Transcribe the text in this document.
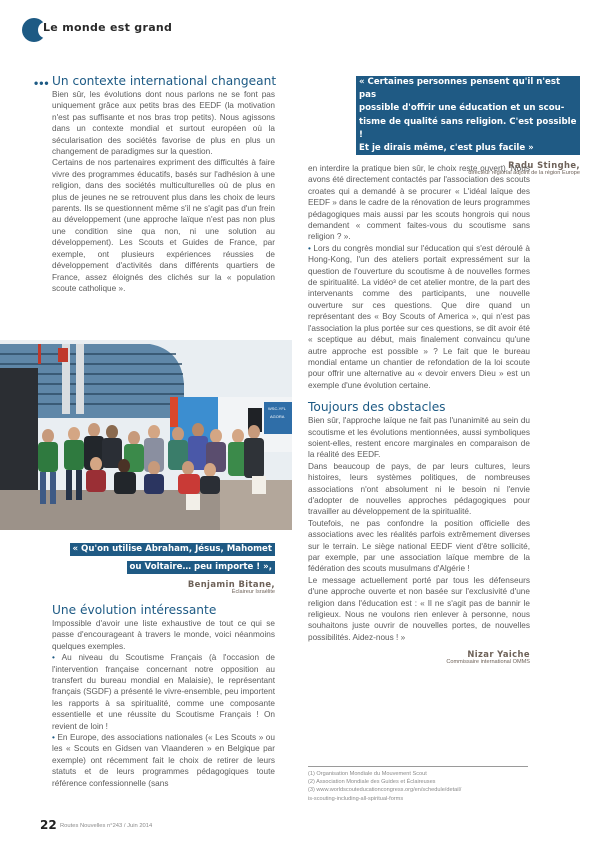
Le monde est grand
••• Un contexte international changeant

Bien sûr, les évolutions dont nous parlons ne se font pas uniquement grâce aux petits bras des EEDF (la motivation n'est pas suffisante et nos bras trop petits). Nous agissons dans un contexte mondial et surtout européen où la sécularisation des sociétés favorise de plus en plus un changement de paradigmes sur la question.

Certains de nos partenaires expriment des difficultés à faire vivre des programmes éducatifs, basés sur l'adhésion à une religion, dans des sociétés multiculturelles où de plus en plus de jeunes ne se retrouvent plus dans les choix de leurs parents. Ils se questionnent même s'il ne s'agit pas d'un frein au développement (une approche laïque n'est pas non plus une condition sine qua non, ni une solution au développement). Les Scouts et Guides de France, par exemple, ont plusieurs expériences réussies de développement d'activités dans différents quartiers de France, assez éloignés des clichés sur la « population scoute catholique ».

WSC-YFL
AGORA
« Qu'on utilise Abraham, Jésus, Mahomet
ou Voltaire… peu importe ! »,
Benjamin Bitane,
Éclaireur Israélite
Une évolution intéressante

Impossible d'avoir une liste exhaustive de tout ce qui se passe d'encourageant à travers le monde, voici néanmoins quelques exemples.

• Au niveau du Scoutisme Français (à l'occasion de l'intervention française concernant notre opposition au transfert du bureau mondial en Malaisie), le représentant français (SGDF) a présenté le vivre-ensemble, peu importent les rapports à sa spiritualité, comme une composante essentielle et une réussite du Scoutisme Français ! On revient de loin !

• En Europe, des associations nationales (« Les Scouts » ou les « Scouts en Gidsen van Vlaanderen » en Belgique par exemple) ont récemment fait le choix de retirer de leurs statuts et de leurs programmes pédagogiques toute référence confessionnelle (sans

« Certaines personnes pensent qu'il n'est pas
possible d'offrir une éducation et un scou-
tisme de qualité sans religion. C'est possible !
Et je dirais même, c'est plus facile »
Radu Stinghe,
directeur régional adjoint de la région Europe

en interdire la pratique bien sûr, le choix reste ouvert). Nous avons été directement contactés par l'association des scouts croates qui a demandé à se procurer « L'idéal laïque des EEDF » dans le cadre de la rénovation de leurs programmes pédagogiques mais aussi par les scouts hongrois qui nous demandent « comment faites-vous du scoutisme sans religion ? ».

• Lors du congrès mondial sur l'éducation qui s'est déroulé à Hong-Kong, l'un des ateliers portait expressément sur la question de l'ouverture du scoutisme à de nouvelles formes de spiritualité. La vidéo³ de cet atelier montre, de la part des intervenants comme des participants, une nouvelle ouverture sur ces questions. Que dire quand un représentant des « Boy Scouts of America », qui n'est pas l'association la plus portée sur ces questions, se dit avoir été « sceptique au début, mais finalement convaincu qu'une autre approche est possible » ? Le fait que le bureau mondial entame un chantier de refondation de la loi scoute pour offrir une alternative au « devoir envers Dieu » est un exemple d'une évolution certaine.

Toujours des obstacles

Bien sûr, l'approche laïque ne fait pas l'unanimité au sein du scoutisme et les évolutions mentionnées, aussi symboliques soient-elles, restent encore marginales en comparaison de la réalité des EEDF.

Dans beaucoup de pays, de par leurs cultures, leurs histoires, leurs systèmes politiques, de nombreuses associations n'ont absolument ni le besoin ni l'envie d'adopter de nouvelles approches pédagogiques pour travailler au développement de la spiritualité.

Toutefois, ne pas confondre la position officielle des associations avec les réalités parfois extrêmement diverses sur le terrain. Le siège national EEDF vient d'être sollicité, par exemple, par une association laïque membre de la fédération des scouts musulmans d'Algérie !

Le message actuellement porté par tous les défenseurs d'une approche ouverte et non basée sur l'exclusivité d'une religion dans l'éducation est : « Il ne s'agit pas de bannir le religieux. Nous ne voulons rien enlever à personne, nous souhaitons juste ouvrir de nouvelles portes, de nouvelles possibilités. Aidez-nous ! »

Nizar Yaiche
Commissaire international OMMS
(1) Organisation Mondiale du Mouvement Scout
(2) Association Mondiale des Guides et Éclaireuses
(3) www.worldscouteducationcongress.org/en/schedule/detail/
is-scouting-including-all-spiritual-forms
22 Routes Nouvelles n°243 / Juin 2014
